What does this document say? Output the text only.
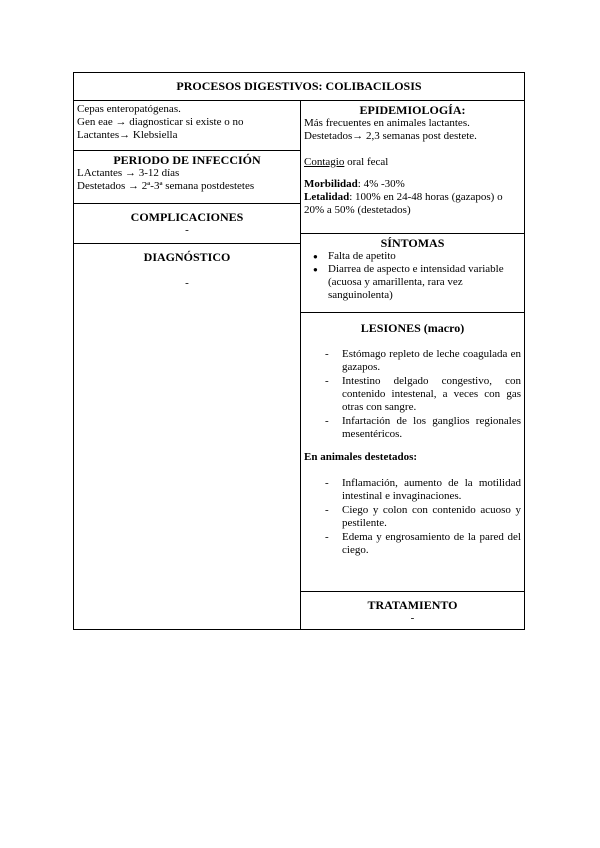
PROCESOS DIGESTIVOS: COLIBACILOSIS
Cepas enteropatógenas.
Gen eae → diagnosticar si existe o no
Lactantes→ Klebsiella
PERIODO DE INFECCIÓN
LActantes → 3-12 días
Destetados → 2ª-3ª semana postdestetes
COMPLICACIONES
-
DIAGNÓSTICO
-
EPIDEMIOLOGÍA:
Más frecuentes en animales lactantes.
Destetados→ 2,3 semanas post destete.
Contagio oral fecal
Morbilidad: 4% -30%
Letalidad: 100% en 24-48 horas (gazapos) o 20% a 50% (destetados)
SÍNTOMAS
● Falta de apetito
● Diarrea de aspecto e intensidad variable (acuosa y amarillenta, rara vez sanguinolenta)
LESIONES (macro)
- Estómago repleto de leche coagulada en gazapos.
- Intestino delgado congestivo, con contenido intestenal, a veces con gas otras con sangre.
- Infartación de los ganglios regionales mesentéricos.
En animales destetados:
- Inflamación, aumento de la motilidad intestinal e invaginaciones.
- Ciego y colon con contenido acuoso y pestilente.
- Edema y engrosamiento de la pared del ciego.
TRATAMIENTO
-
